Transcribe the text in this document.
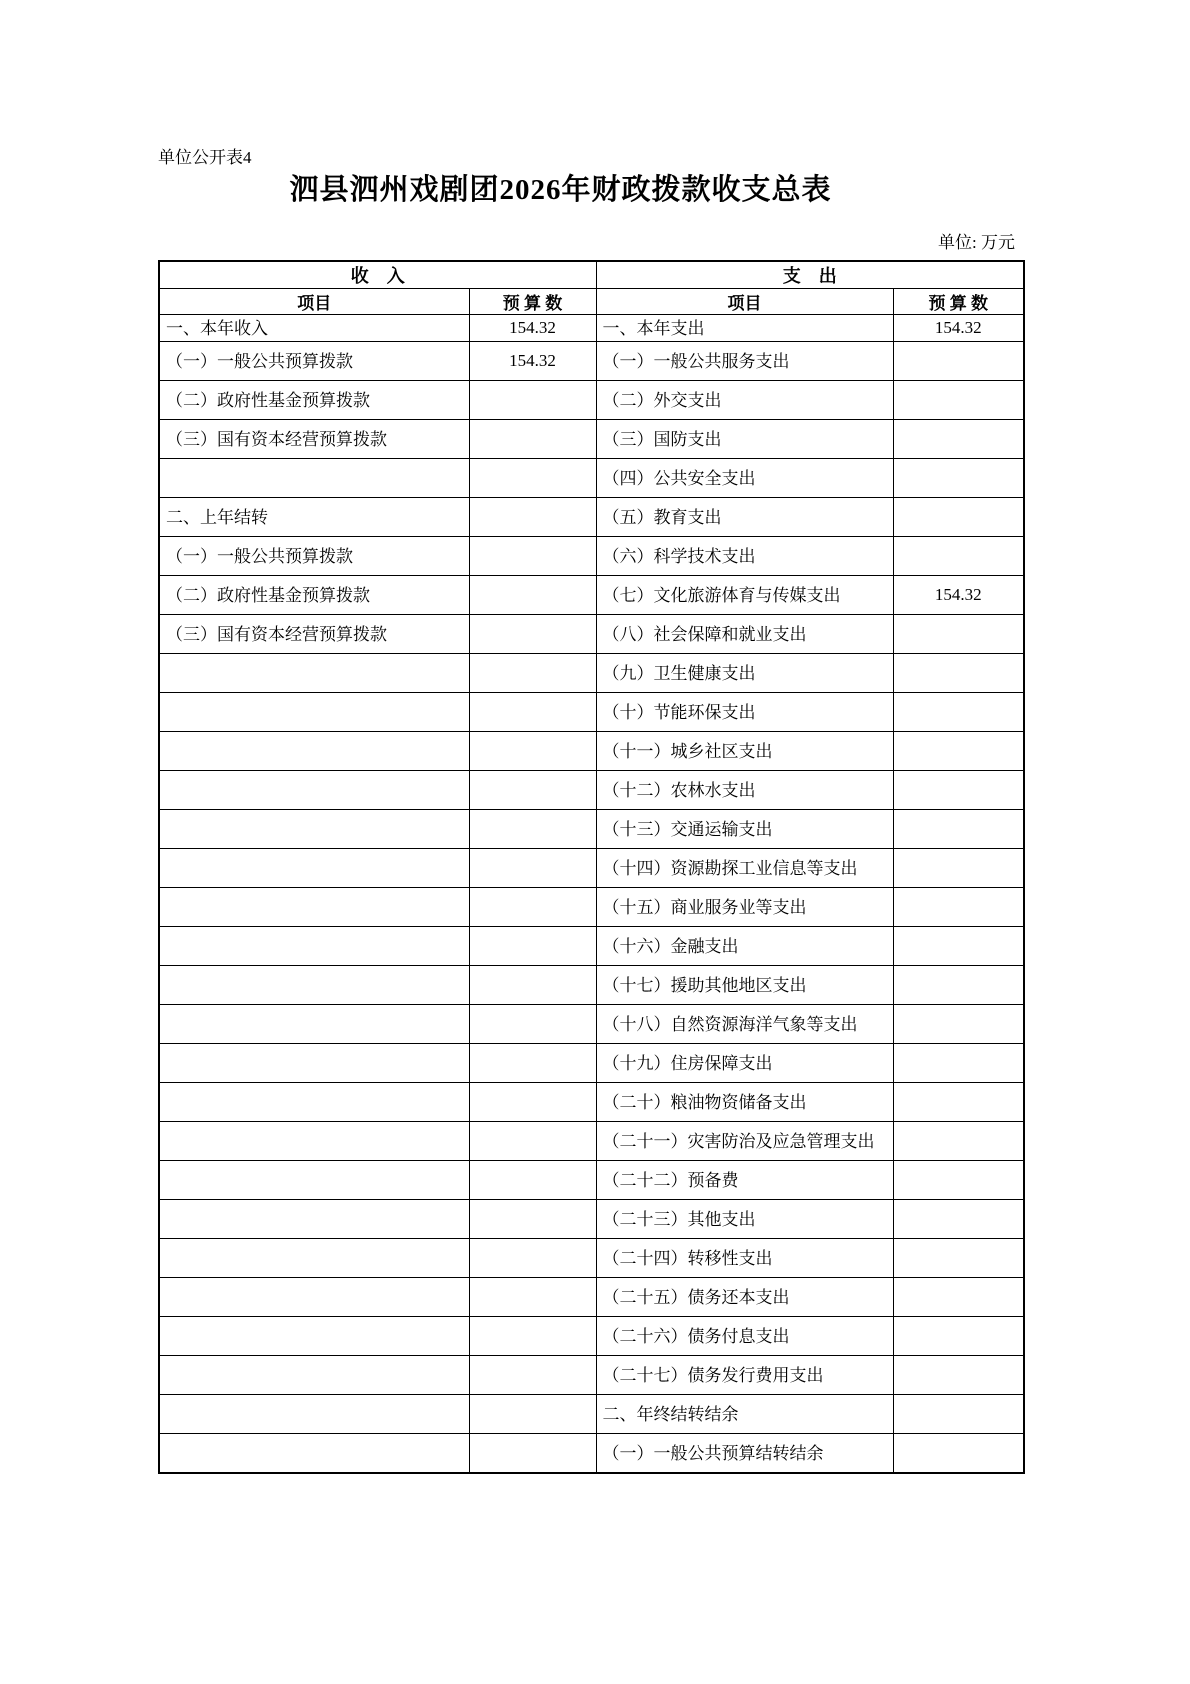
单位公开表4
泗县泗州戏剧团2026年财政拨款收支总表
单位: 万元
收　入		支　出	
项目	预 算 数	项目	预 算 数
一、本年收入	154.32	一、本年支出	154.32
（一）一般公共预算拨款	154.32	（一）一般公共服务支出	
（二）政府性基金预算拨款		（二）外交支出	
（三）国有资本经营预算拨款		（三）国防支出	
		（四）公共安全支出	
二、上年结转		（五）教育支出	
（一）一般公共预算拨款		（六）科学技术支出	
（二）政府性基金预算拨款		（七）文化旅游体育与传媒支出	154.32
（三）国有资本经营预算拨款		（八）社会保障和就业支出	
		（九）卫生健康支出	
		（十）节能环保支出	
		（十一）城乡社区支出	
		（十二）农林水支出	
		（十三）交通运输支出	
		（十四）资源勘探工业信息等支出	
		（十五）商业服务业等支出	
		（十六）金融支出	
		（十七）援助其他地区支出	
		（十八）自然资源海洋气象等支出	
		（十九）住房保障支出	
		（二十）粮油物资储备支出	
		（二十一）灾害防治及应急管理支出	
		（二十二）预备费	
		（二十三）其他支出	
		（二十四）转移性支出	
		（二十五）债务还本支出	
		（二十六）债务付息支出	
		（二十七）债务发行费用支出	
		二、年终结转结余	
		（一）一般公共预算结转结余	
